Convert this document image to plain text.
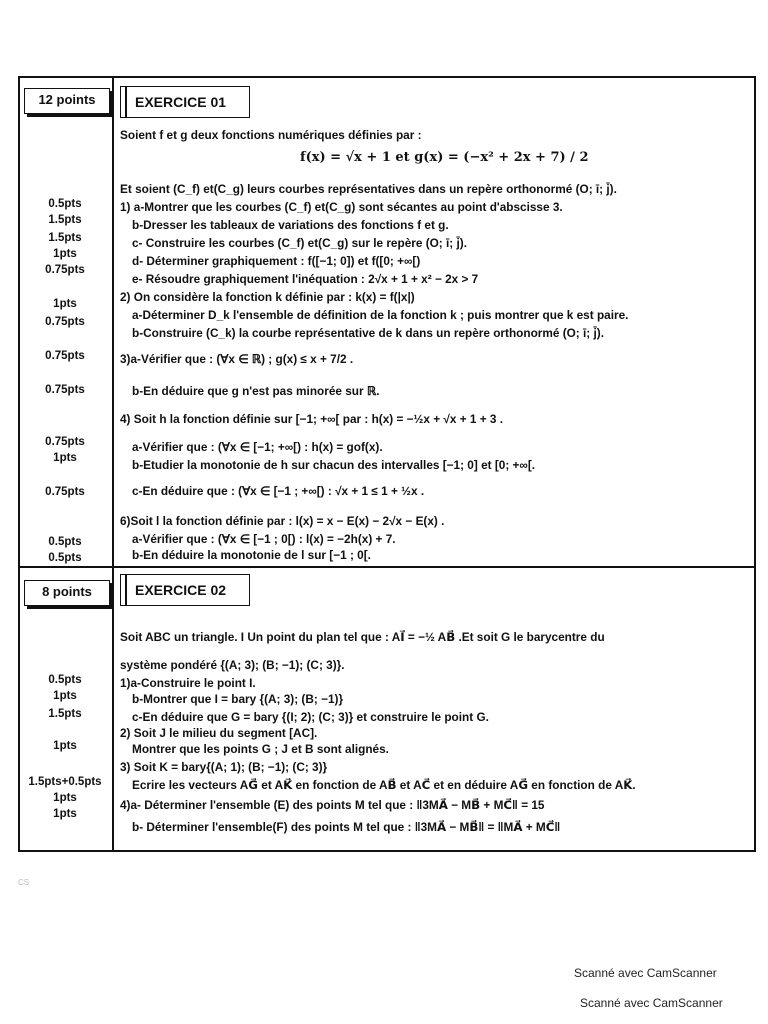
12 points	EXERCICE 01
0.5pts
1.5pts
1.5pts
1pts
0.75pts
1pts
0.75pts
0.75pts
0.75pts
0.75pts
1pts
0.75pts
0.5pts
0.5pts
Soient f et g deux fonctions numériques définies par :
f(x) = √x + 1 et g(x) = (−x² + 2x + 7) / 2
Et soient (C_f) et(C_g) leurs courbes représentatives dans un repère orthonormé (O; ī; j̄).
1) a-Montrer que les courbes (C_f) et(C_g) sont sécantes au point d'abscisse 3.
b-Dresser les tableaux de variations des fonctions f et g.
c- Construire les courbes (C_f) et(C_g) sur le repère (O; ī; j̄).
d- Déterminer graphiquement : f([−1; 0]) et f([0; +∞[)
e- Résoudre graphiquement l'inéquation : 2√x + 1 + x² − 2x > 7
2) On considère la fonction k définie par : k(x) = f(|x|)
a-Déterminer D_k l'ensemble de définition de la fonction k ; puis montrer que k est paire.
b-Construire (C_k) la courbe représentative de k dans un repère orthonormé (O; ī; j̄).
3)a-Vérifier que : (∀x ∈ ℝ) ; g(x) ≤ x + 7/2 .
b-En déduire que g n'est pas minorée sur ℝ.
4) Soit h la fonction définie sur [−1; +∞[ par : h(x) = −½x + √x + 1 + 3 .
a-Vérifier que : (∀x ∈ [−1; +∞[) : h(x) = gof(x).
b-Etudier la monotonie de h sur chacun des intervalles [−1; 0] et [0; +∞[.
c-En déduire que : (∀x ∈ [−1 ; +∞[) : √x + 1 ≤ 1 + ½x .
6)Soit l la fonction définie par : l(x) = x − E(x) − 2√x − E(x) .
a-Vérifier que : (∀x ∈ [−1 ; 0[) : l(x) = −2h(x) + 7.
b-En déduire la monotonie de l sur [−1 ; 0[.
8 points	EXERCICE 02
0.5pts
1pts
1.5pts
1pts
1.5pts+0.5pts
1pts
1pts
Soit ABC un triangle. I Un point du plan tel que : AI⃗ = −½ AB⃗ .Et soit G le barycentre du
système pondéré {(A; 3); (B; −1); (C; 3)}.
1)a-Construire le point I.
b-Montrer que I = bary {(A; 3); (B; −1)}
c-En déduire que G = bary {(I; 2); (C; 3)} et construire le point G.
2) Soit J le milieu du segment [AC].
Montrer que les points G ; J et B sont alignés.
3) Soit K = bary{(A; 1); (B; −1); (C; 3)}
Ecrire les vecteurs AG⃗ et AK⃗ en fonction de AB⃗ et AC⃗ et en déduire AG⃗ en fonction de AK⃗.
4)a- Déterminer l'ensemble (E) des points M tel que : ‖3MA⃗ − MB⃗ + MC⃗‖ = 15
b- Déterminer l'ensemble(F) des points M tel que : ‖3MA⃗ − MB⃗‖ = ‖MA⃗ + MC⃗‖
CS
Scanné avec CamScanner
Scanné avec CamScanner
